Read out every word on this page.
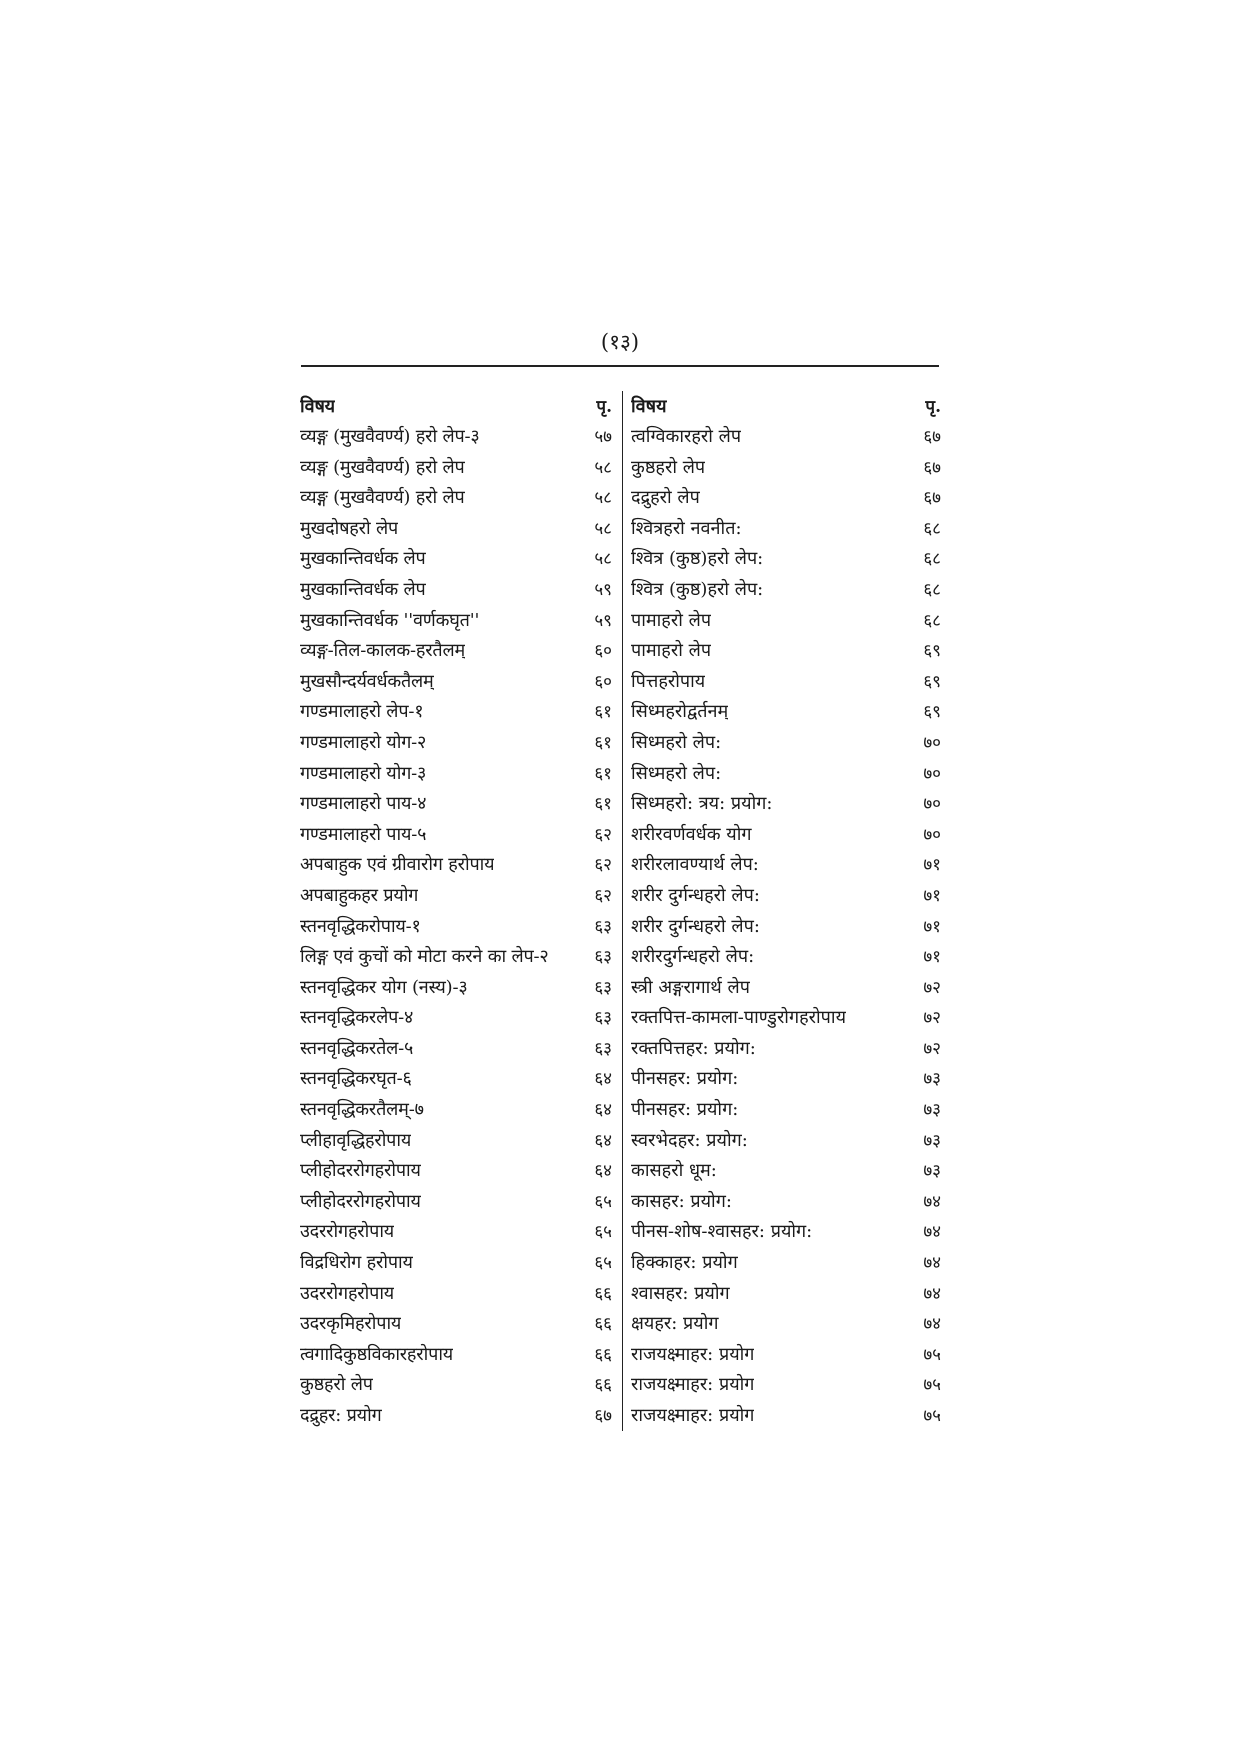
(१३)
विषय	पृ.
व्यङ्ग (मुखवैवर्ण्य) हरो लेप-३	५७
व्यङ्ग (मुखवैवर्ण्य) हरो लेप	५८
व्यङ्ग (मुखवैवर्ण्य) हरो लेप	५८
मुखदोषहरो लेप	५८
मुखकान्तिवर्धक लेप	५८
मुखकान्तिवर्धक लेप	५९
मुखकान्तिवर्धक ''वर्णकघृत''	५९
व्यङ्ग-तिल-कालक-हरतैलम्	६०
मुखसौन्दर्यवर्धकतैलम्	६०
गण्डमालाहरो लेप-१	६१
गण्डमालाहरो योग-२	६१
गण्डमालाहरो योग-३	६१
गण्डमालाहरो पाय-४	६१
गण्डमालाहरो पाय-५	६२
अपबाहुक एवं ग्रीवारोग हरोपाय	६२
अपबाहुकहर प्रयोग	६२
स्तनवृद्धिकरोपाय-१	६३
लिङ्ग एवं कुचों को मोटा करने का लेप-२	६३
स्तनवृद्धिकर योग (नस्य)-३	६३
स्तनवृद्धिकरलेप-४	६३
स्तनवृद्धिकरतेल-५	६३
स्तनवृद्धिकरघृत-६	६४
स्तनवृद्धिकरतैलम्-७	६४
प्लीहावृद्धिहरोपाय	६४
प्लीहोदररोगहरोपाय	६४
प्लीहोदररोगहरोपाय	६५
उदररोगहरोपाय	६५
विद्रधिरोग हरोपाय	६५
उदररोगहरोपाय	६६
उदरकृमिहरोपाय	६६
त्वगादिकुष्ठविकारहरोपाय	६६
कुष्ठहरो लेप	६६
दद्रुहर: प्रयोग	६७
विषय	पृ.
त्वग्विकारहरो लेप	६७
कुष्ठहरो लेप	६७
दद्रुहरो लेप	६७
श्वित्रहरो नवनीत:	६८
श्वित्र (कुष्ठ)हरो लेप:	६८
श्वित्र (कुष्ठ)हरो लेप:	६८
पामाहरो लेप	६८
पामाहरो लेप	६९
पित्तहरोपाय	६९
सिध्महरोद्वर्तनम्	६९
सिध्महरो लेप:	७०
सिध्महरो लेप:	७०
सिध्महरो: त्रय: प्रयोग:	७०
शरीरवर्णवर्धक योग	७०
शरीरलावण्यार्थ लेप:	७१
शरीर दुर्गन्धहरो लेप:	७१
शरीर दुर्गन्धहरो लेप:	७१
शरीरदुर्गन्धहरो लेप:	७१
स्त्री अङ्गरागार्थ लेप	७२
रक्तपित्त-कामला-पाण्डुरोगहरोपाय	७२
रक्तपित्तहर: प्रयोग:	७२
पीनसहर: प्रयोग:	७३
पीनसहर: प्रयोग:	७३
स्वरभेदहर: प्रयोग:	७३
कासहरो धूम:	७३
कासहर: प्रयोग:	७४
पीनस-शोष-श्वासहर: प्रयोग:	७४
हिक्काहर: प्रयोग	७४
श्वासहर: प्रयोग	७४
क्षयहर: प्रयोग	७४
राजयक्ष्माहर: प्रयोग	७५
राजयक्ष्माहर: प्रयोग	७५
राजयक्ष्माहर: प्रयोग	७५
